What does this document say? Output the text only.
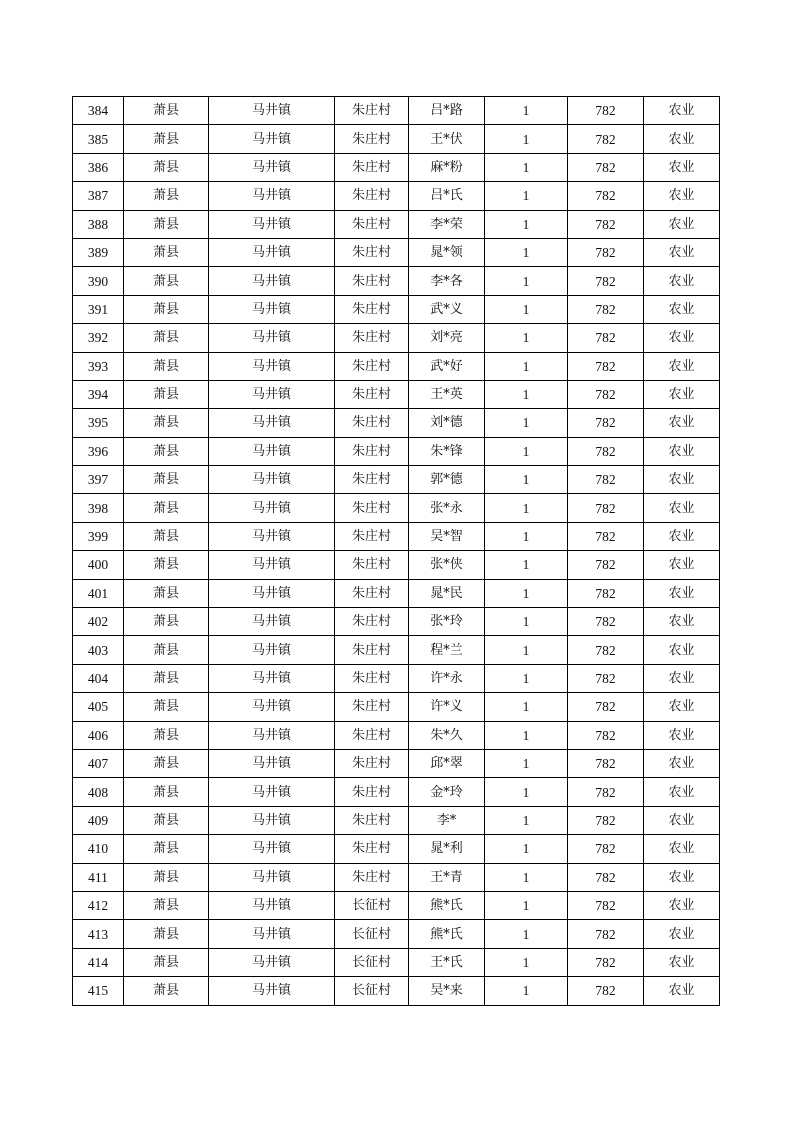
384	萧县	马井镇	朱庄村	吕*路	1	782	农业
385	萧县	马井镇	朱庄村	王*伏	1	782	农业
386	萧县	马井镇	朱庄村	麻*粉	1	782	农业
387	萧县	马井镇	朱庄村	吕*氏	1	782	农业
388	萧县	马井镇	朱庄村	李*荣	1	782	农业
389	萧县	马井镇	朱庄村	晁*领	1	782	农业
390	萧县	马井镇	朱庄村	李*各	1	782	农业
391	萧县	马井镇	朱庄村	武*义	1	782	农业
392	萧县	马井镇	朱庄村	刘*亮	1	782	农业
393	萧县	马井镇	朱庄村	武*好	1	782	农业
394	萧县	马井镇	朱庄村	王*英	1	782	农业
395	萧县	马井镇	朱庄村	刘*德	1	782	农业
396	萧县	马井镇	朱庄村	朱*锋	1	782	农业
397	萧县	马井镇	朱庄村	郭*德	1	782	农业
398	萧县	马井镇	朱庄村	张*永	1	782	农业
399	萧县	马井镇	朱庄村	吴*智	1	782	农业
400	萧县	马井镇	朱庄村	张*侠	1	782	农业
401	萧县	马井镇	朱庄村	晁*民	1	782	农业
402	萧县	马井镇	朱庄村	张*玲	1	782	农业
403	萧县	马井镇	朱庄村	程*兰	1	782	农业
404	萧县	马井镇	朱庄村	许*永	1	782	农业
405	萧县	马井镇	朱庄村	许*义	1	782	农业
406	萧县	马井镇	朱庄村	朱*久	1	782	农业
407	萧县	马井镇	朱庄村	邱*翠	1	782	农业
408	萧县	马井镇	朱庄村	金*玲	1	782	农业
409	萧县	马井镇	朱庄村	李*	1	782	农业
410	萧县	马井镇	朱庄村	晁*利	1	782	农业
411	萧县	马井镇	朱庄村	王*青	1	782	农业
412	萧县	马井镇	长征村	熊*氏	1	782	农业
413	萧县	马井镇	长征村	熊*氏	1	782	农业
414	萧县	马井镇	长征村	王*氏	1	782	农业
415	萧县	马井镇	长征村	吴*来	1	782	农业
